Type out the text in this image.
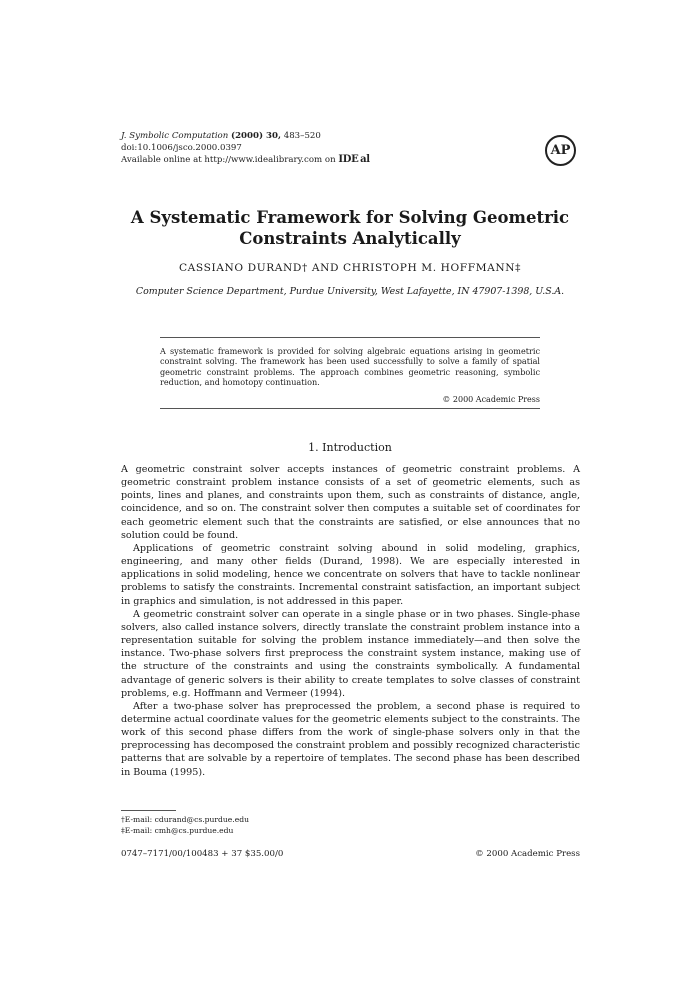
J. Symbolic Computation (2000) 30, 483–520
doi:10.1006/jsco.2000.0397
Available online at http://www.idealibrary.com on IDE al
AP
A Systematic Framework for Solving Geometric
Constraints Analytically
CASSIANO DURAND† AND CHRISTOPH M. HOFFMANN‡
Computer Science Department, Purdue University, West Lafayette, IN 47907-1398, U.S.A.
A systematic framework is provided for solving algebraic equations arising in geometric constraint solving. The framework has been used successfully to solve a family of spatial geometric constraint problems. The approach combines geometric reasoning, symbolic reduction, and homotopy continuation.
© 2000 Academic Press
1. Introduction

A geometric constraint solver accepts instances of geometric constraint problems. A geometric constraint problem instance consists of a set of geometric elements, such as points, lines and planes, and constraints upon them, such as constraints of distance, angle, coincidence, and so on. The constraint solver then computes a suitable set of coordinates for each geometric element such that the constraints are satisfied, or else announces that no solution could be found.

Applications of geometric constraint solving abound in solid modeling, graphics, engineering, and many other fields (Durand, 1998). We are especially interested in applications in solid modeling, hence we concentrate on solvers that have to tackle nonlinear problems to satisfy the constraints. Incremental constraint satisfaction, an important subject in graphics and simulation, is not addressed in this paper.

A geometric constraint solver can operate in a single phase or in two phases. Single-phase solvers, also called instance solvers, directly translate the constraint problem instance into a representation suitable for solving the problem instance immediately—and then solve the instance. Two-phase solvers first preprocess the constraint system instance, making use of the structure of the constraints and using the constraints symbolically. A fundamental advantage of generic solvers is their ability to create templates to solve classes of constraint problems, e.g. Hoffmann and Vermeer (1994).

After a two-phase solver has preprocessed the problem, a second phase is required to determine actual coordinate values for the geometric elements subject to the constraints. The work of this second phase differs from the work of single-phase solvers only in that the preprocessing has decomposed the constraint problem and possibly recognized characteristic patterns that are solvable by a repertoire of templates. The second phase has been described in Bouma (1995).

†E-mail: cdurand@cs.purdue.edu
‡E-mail: cmh@cs.purdue.edu
0747–7171/00/100483 + 37 $35.00/0	© 2000 Academic Press
